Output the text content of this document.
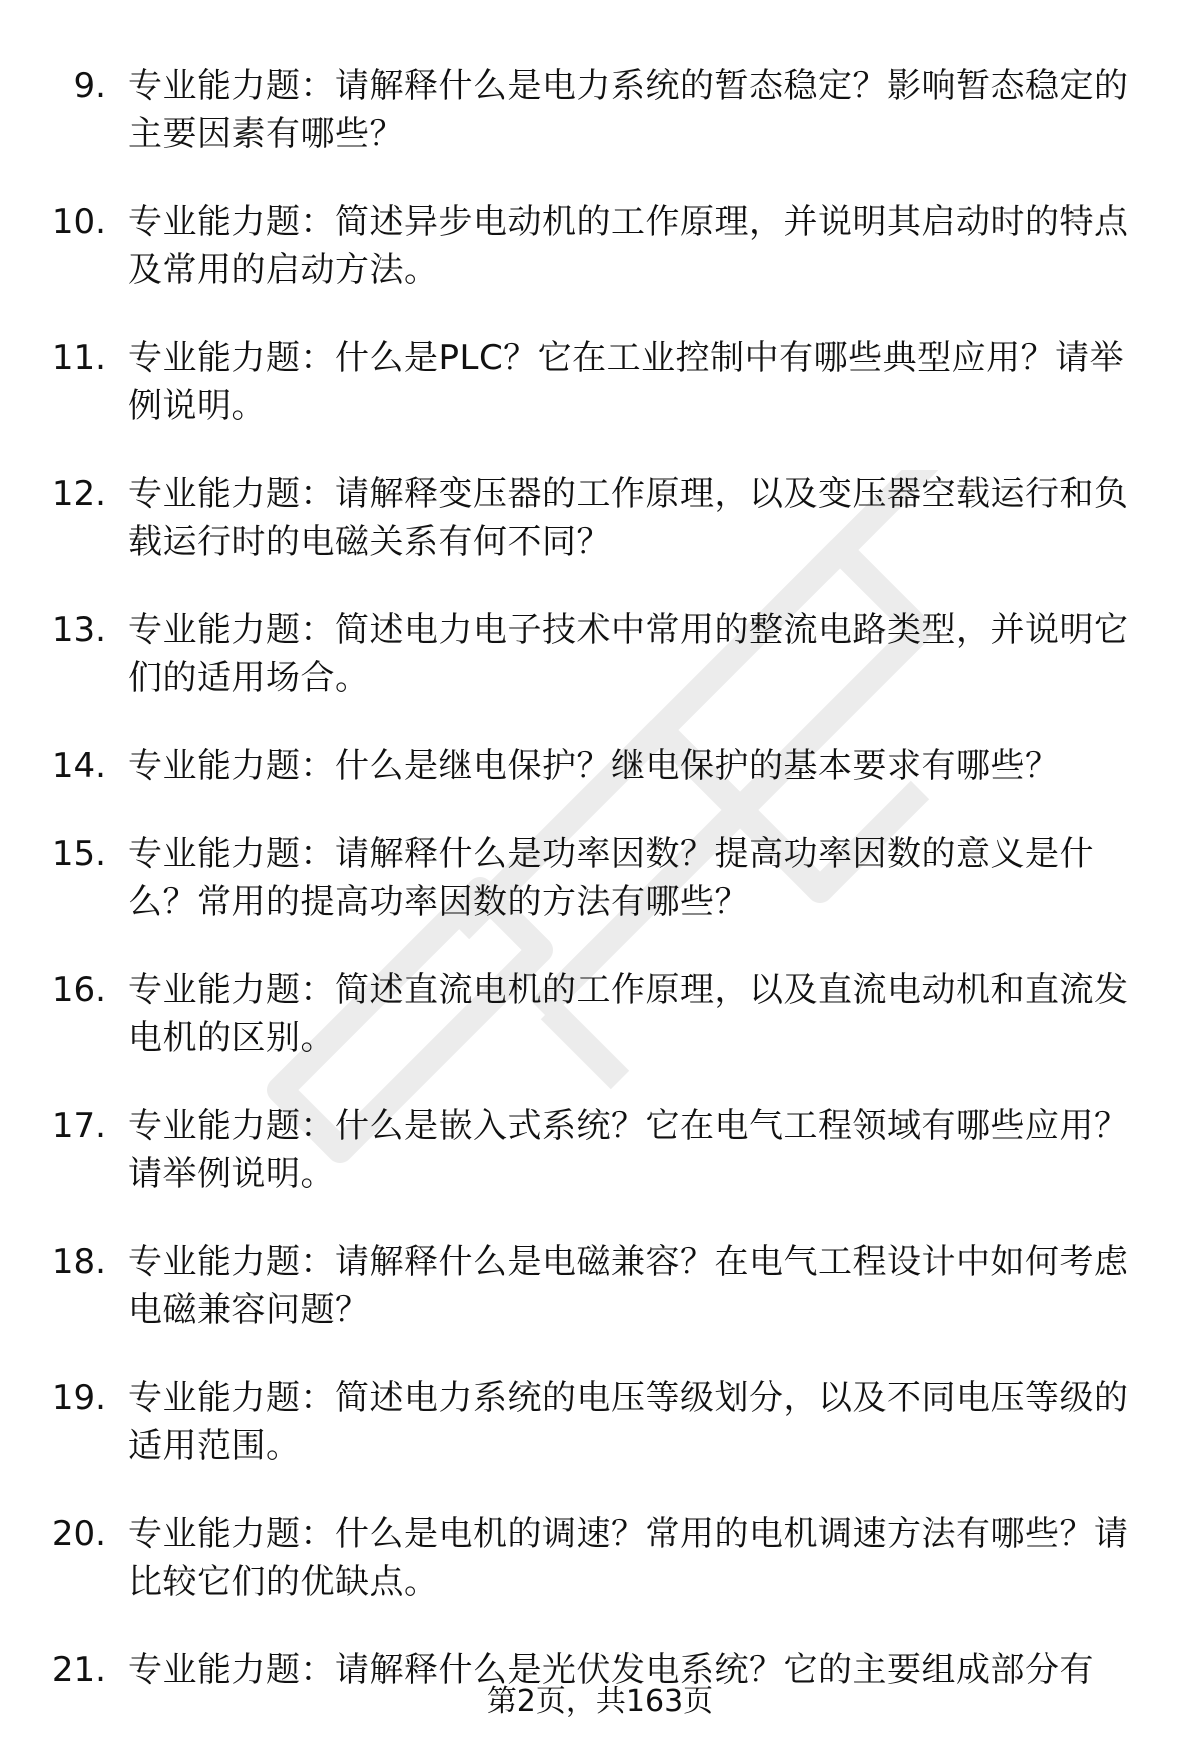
9. 专业能力题：请解释什么是电力系统的暂态稳定？影响暂态稳定的主要因素有哪些？
10. 专业能力题：简述异步电动机的工作原理，并说明其启动时的特点及常用的启动方法。
11. 专业能力题：什么是PLC？它在工业控制中有哪些典型应用？请举例说明。
12. 专业能力题：请解释变压器的工作原理，以及变压器空载运行和负载运行时的电磁关系有何不同？
13. 专业能力题：简述电力电子技术中常用的整流电路类型，并说明它们的适用场合。
14. 专业能力题：什么是继电保护？继电保护的基本要求有哪些？
15. 专业能力题：请解释什么是功率因数？提高功率因数的意义是什么？常用的提高功率因数的方法有哪些？
16. 专业能力题：简述直流电机的工作原理，以及直流电动机和直流发电机的区别。
17. 专业能力题：什么是嵌入式系统？它在电气工程领域有哪些应用？请举例说明。
18. 专业能力题：请解释什么是电磁兼容？在电气工程设计中如何考虑电磁兼容问题？
19. 专业能力题：简述电力系统的电压等级划分，以及不同电压等级的适用范围。
20. 专业能力题：什么是电机的调速？常用的电机调速方法有哪些？请比较它们的优缺点。
21. 专业能力题：请解释什么是光伏发电系统？它的主要组成部分有
第2页，共163页
